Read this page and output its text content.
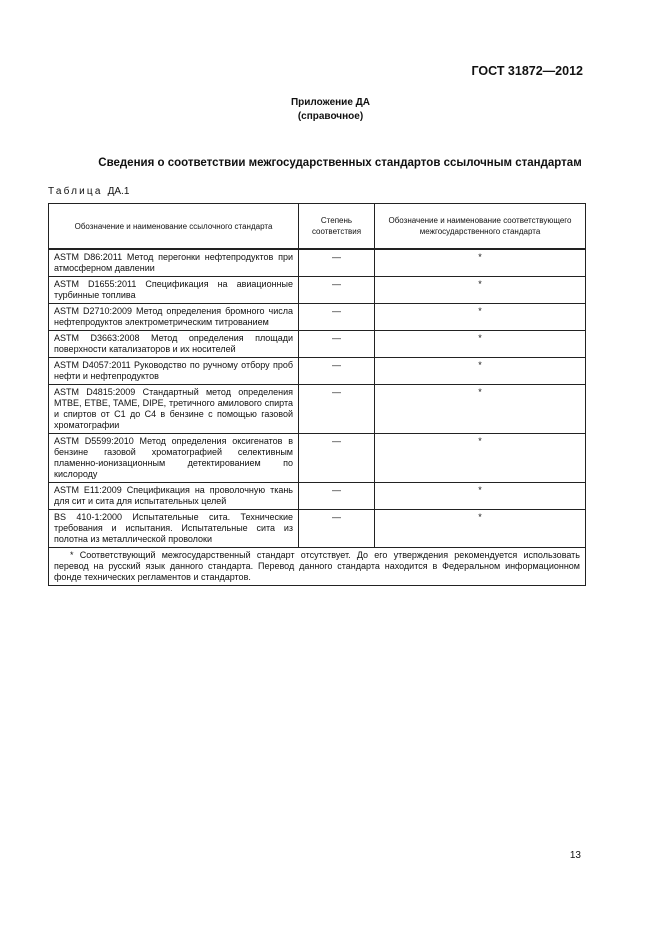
ГОСТ 31872—2012
Приложение ДА
(справочное)
Сведения о соответствии межгосударственных стандартов ссылочным стандартам
Таблица ДА.1
Обозначение и наименование ссылочного стандарта	Степень соответствия	Обозначение и наименование соответствующего межгосударственного стандарта
ASTM D86:2011 Метод перегонки нефтепродуктов при атмосферном давлении	—	*
ASTM D1655:2011 Спецификация на авиационные турбинные топлива	—	*
ASTM D2710:2009 Метод определения бромного числа нефтепродуктов электрометрическим титрованием	—	*
ASTM D3663:2008 Метод определения площади поверхности катализаторов и их носителей	—	*
ASTM D4057:2011 Руководство по ручному отбору проб нефти и нефтепродуктов	—	*
ASTM D4815:2009 Стандартный метод определения MTBE, ETBE, TAME, DIPE, третичного амилового спирта и спиртов от C1 до C4 в бензине с помощью газовой хроматографии	—	*
ASTM D5599:2010 Метод определения оксигенатов в бензине газовой хроматографией селективным пламенно-ионизационным детектированием по кислороду	—	*
ASTM E11:2009 Спецификация на проволочную ткань для сит и сита для испытательных целей	—	*
BS 410-1:2000 Испытательные сита. Технические требования и испытания. Испытательные сита из полотна из металлической проволоки	—	*
* Соответствующий межгосударственный стандарт отсутствует. До его утверждения рекомендуется использовать перевод на русский язык данного стандарта. Перевод данного стандарта находится в Федеральном информационном фонде технических регламентов и стандартов.		
13
